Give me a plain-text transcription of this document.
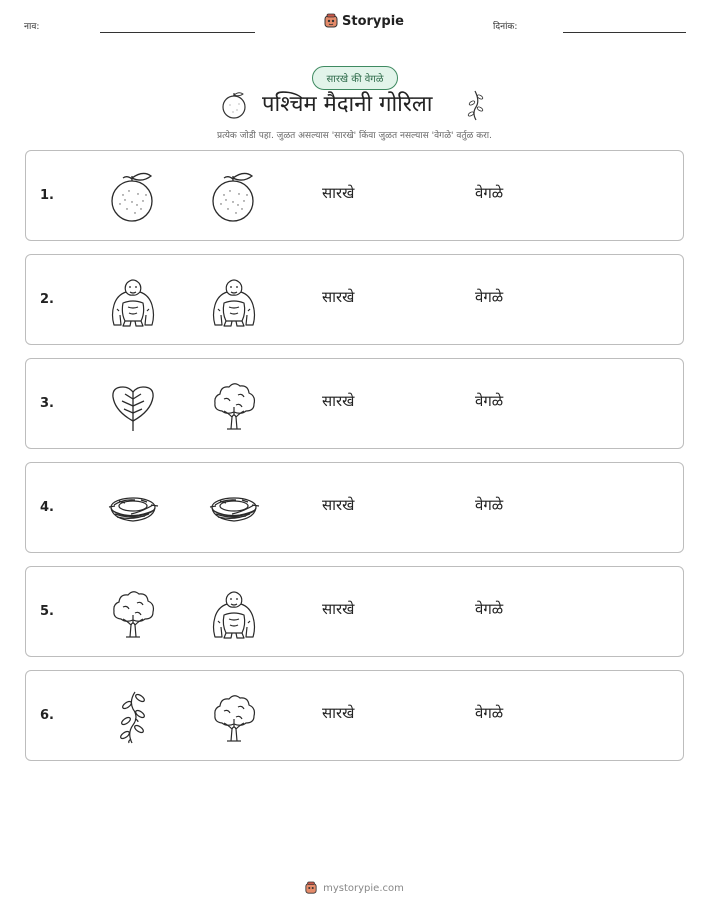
नाव:	Storypie	दिनांक:
सारखे की वेगळे
पश्चिम मैदानी गोरिला
प्रत्येक जोडी पहा. जुळत असल्यास 'सारखे' किंवा जुळत नसल्यास 'वेगळे' वर्तुळ करा.
1.	सारखे	वेगळे
2.	सारखे	वेगळे
3.	सारखे	वेगळे
4.	सारखे	वेगळे
5.	सारखे	वेगळे
6.	सारखे	वेगळे
mystorypie.com
